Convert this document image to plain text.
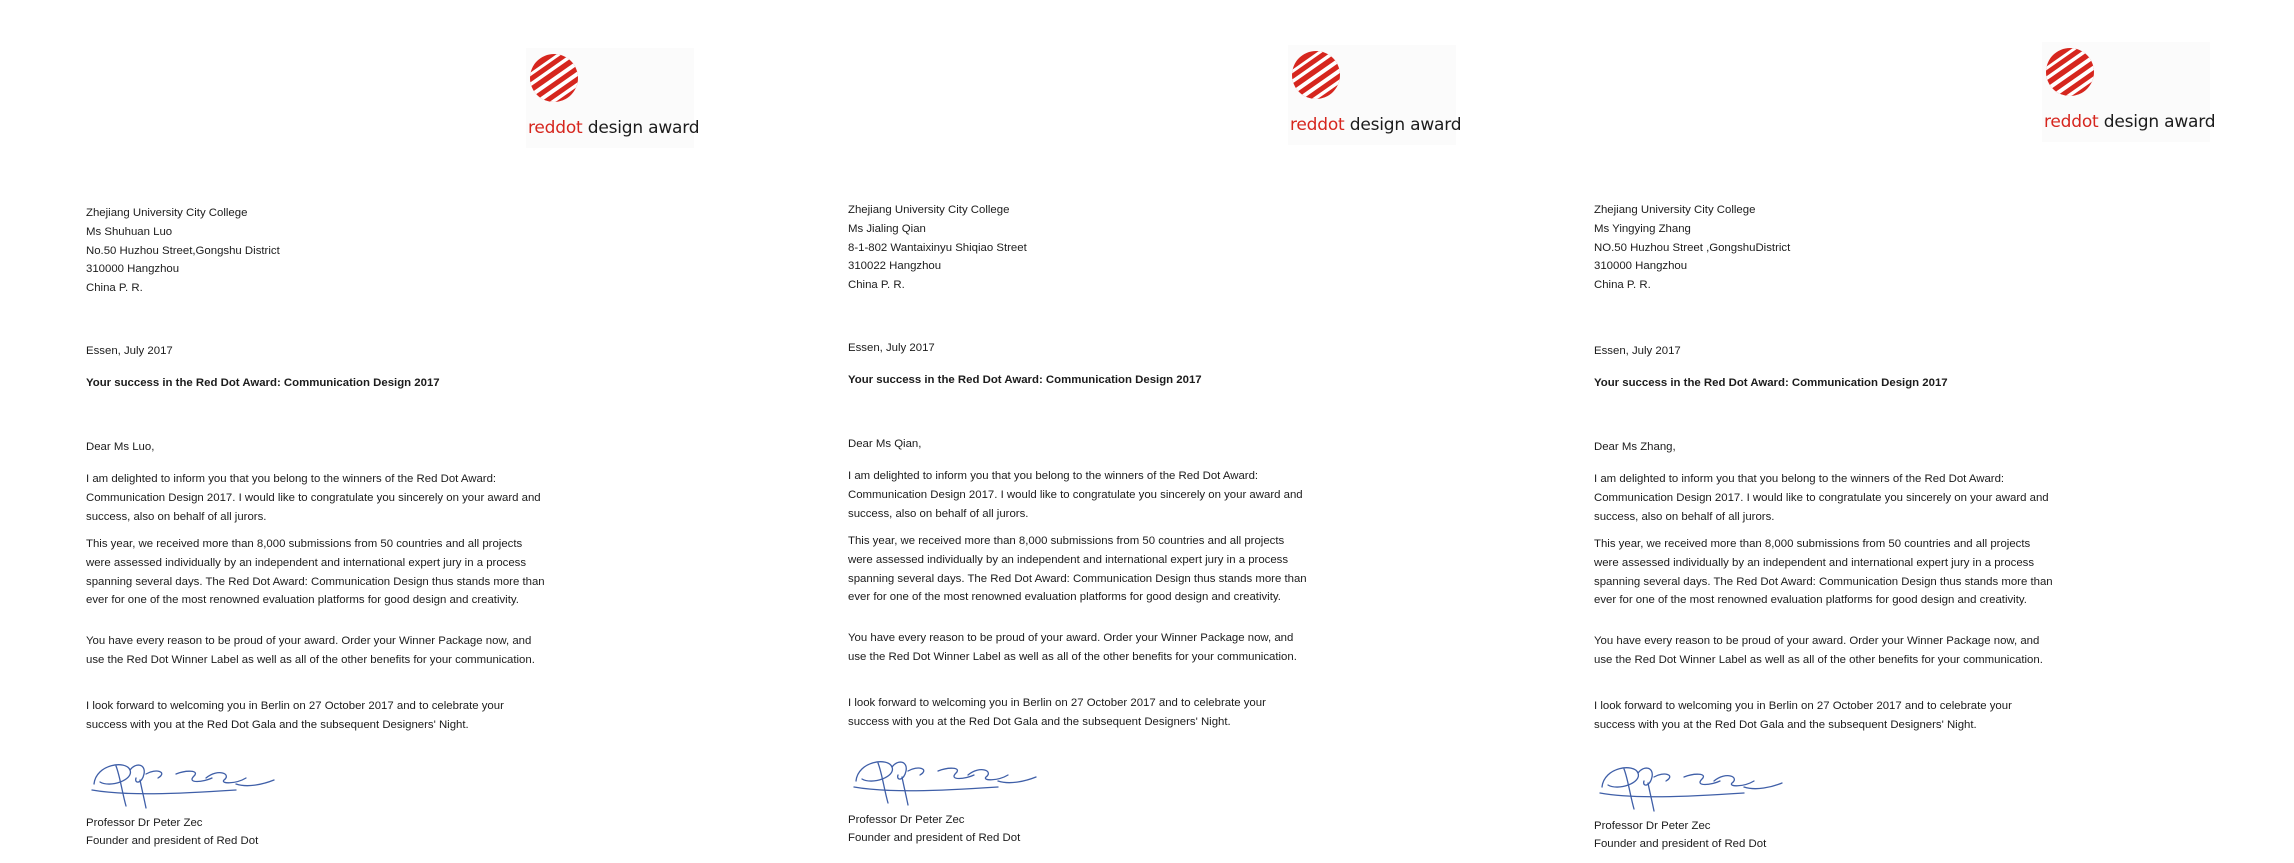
reddot design award
Zhejiang University City College
Ms Shuhuan Luo
No.50 Huzhou Street,Gongshu District
310000 Hangzhou
China P. R.
Essen, July 2017
Your success in the Red Dot Award: Communication Design 2017
Dear Ms Luo,
I am delighted to inform you that you belong to the winners of the Red Dot Award: Communication Design 2017. I would like to congratulate you sincerely on your award and success, also on behalf of all jurors.
This year, we received more than 8,000 submissions from 50 countries and all projects were assessed individually by an independent and international expert jury in a process spanning several days. The Red Dot Award: Communication Design thus stands more than ever for one of the most renowned evaluation platforms for good design and creativity.
You have every reason to be proud of your award. Order your Winner Package now, and use the Red Dot Winner Label as well as all of the other benefits for your communication.
I look forward to welcoming you in Berlin on 27 October 2017 and to celebrate your success with you at the Red Dot Gala and the subsequent Designers' Night.
Professor Dr Peter Zec
Founder and president of Red Dot
reddot design award
Zhejiang University City College
Ms Jialing Qian
8-1-802 Wantaixinyu Shiqiao Street
310022 Hangzhou
China P. R.
Essen, July 2017
Your success in the Red Dot Award: Communication Design 2017
Dear Ms Qian,
I am delighted to inform you that you belong to the winners of the Red Dot Award: Communication Design 2017. I would like to congratulate you sincerely on your award and success, also on behalf of all jurors.
This year, we received more than 8,000 submissions from 50 countries and all projects were assessed individually by an independent and international expert jury in a process spanning several days. The Red Dot Award: Communication Design thus stands more than ever for one of the most renowned evaluation platforms for good design and creativity.
You have every reason to be proud of your award. Order your Winner Package now, and use the Red Dot Winner Label as well as all of the other benefits for your communication.
I look forward to welcoming you in Berlin on 27 October 2017 and to celebrate your success with you at the Red Dot Gala and the subsequent Designers' Night.
Professor Dr Peter Zec
Founder and president of Red Dot
reddot design award
Zhejiang University City College
Ms Yingying Zhang
NO.50 Huzhou Street ,GongshuDistrict
310000 Hangzhou
China P. R.
Essen, July 2017
Your success in the Red Dot Award: Communication Design 2017
Dear Ms Zhang,
I am delighted to inform you that you belong to the winners of the Red Dot Award: Communication Design 2017. I would like to congratulate you sincerely on your award and success, also on behalf of all jurors.
This year, we received more than 8,000 submissions from 50 countries and all projects were assessed individually by an independent and international expert jury in a process spanning several days. The Red Dot Award: Communication Design thus stands more than ever for one of the most renowned evaluation platforms for good design and creativity.
You have every reason to be proud of your award. Order your Winner Package now, and use the Red Dot Winner Label as well as all of the other benefits for your communication.
I look forward to welcoming you in Berlin on 27 October 2017 and to celebrate your success with you at the Red Dot Gala and the subsequent Designers' Night.
Professor Dr Peter Zec
Founder and president of Red Dot
